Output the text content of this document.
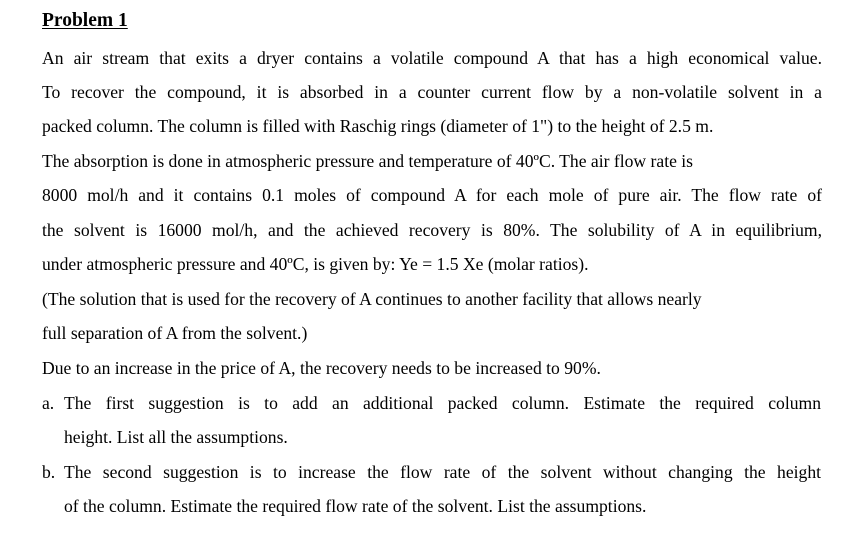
Problem 1
An air stream that exits a dryer contains a volatile compound A that has a high economical value.
To recover the compound, it is absorbed in a counter current flow by a non-volatile solvent in a
packed column. The column is filled with Raschig rings (diameter of 1") to the height of 2.5 m.
The absorption is done in atmospheric pressure and temperature of 40ºC. The air flow rate is
8000 mol/h and it contains 0.1 moles of compound A for each mole of pure air. The flow rate of
the solvent is 16000 mol/h, and the achieved recovery is 80%. The solubility of A in equilibrium,
under atmospheric pressure and 40ºC, is given by: Ye = 1.5 Xe (molar ratios).
(The solution that is used for the recovery of A continues to another facility that allows nearly
full separation of A from the solvent.)
Due to an increase in the price of A, the recovery needs to be increased to 90%.
a. The first suggestion is to add an additional packed column. Estimate the required column
height. List all the assumptions.
b. The second suggestion is to increase the flow rate of the solvent without changing the height
of the column. Estimate the required flow rate of the solvent. List the assumptions.
